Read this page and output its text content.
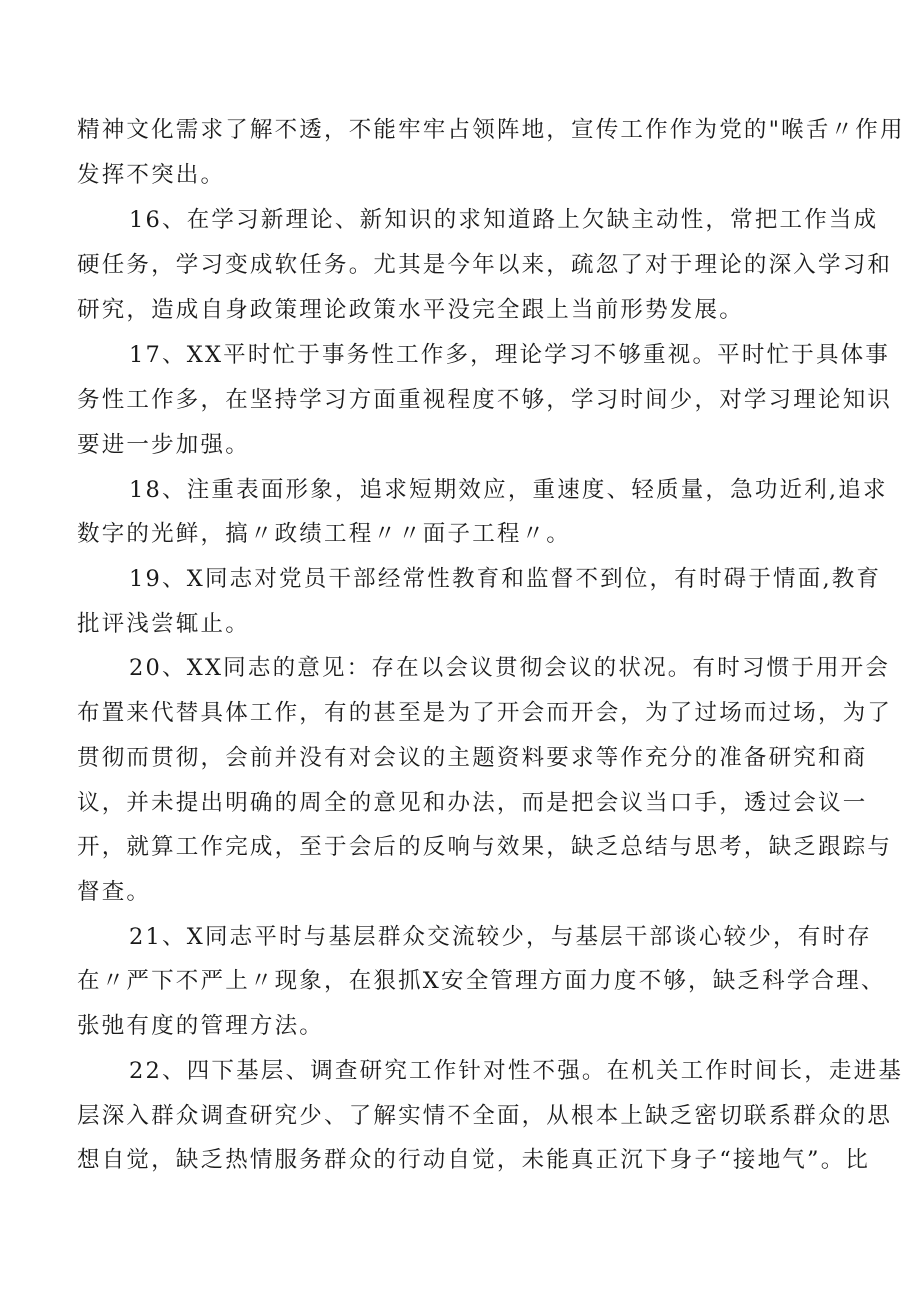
精神文化需求了解不透，不能牢牢占领阵地，宣传工作作为党的"喉舌〃作用
发挥不突出。
16、在学习新理论、新知识的求知道路上欠缺主动性，常把工作当成
硬任务，学习变成软任务。尤其是今年以来，疏忽了对于理论的深入学习和
研究，造成自身政策理论政策水平没完全跟上当前形势发展。
17、XX平时忙于事务性工作多，理论学习不够重视。平时忙于具体事
务性工作多，在坚持学习方面重视程度不够，学习时间少，对学习理论知识
要进一步加强。
18、注重表面形象，追求短期效应，重速度、轻质量，急功近利,追求
数字的光鲜，搞〃政绩工程〃〃面子工程〃。
19、X同志对党员干部经常性教育和监督不到位，有时碍于情面,教育
批评浅尝辄止。
20、XX同志的意见：存在以会议贯彻会议的状况。有时习惯于用开会
布置来代替具体工作，有的甚至是为了开会而开会，为了过场而过场，为了
贯彻而贯彻，会前并没有对会议的主题资料要求等作充分的准备研究和商
议，并未提出明确的周全的意见和办法，而是把会议当口手，透过会议一
开，就算工作完成，至于会后的反响与效果，缺乏总结与思考，缺乏跟踪与
督查。
21、X同志平时与基层群众交流较少，与基层干部谈心较少，有时存
在〃严下不严上〃现象，在狠抓X安全管理方面力度不够，缺乏科学合理、
张弛有度的管理方法。
22、四下基层、调查研究工作针对性不强。在机关工作时间长，走进基
层深入群众调查研究少、了解实情不全面，从根本上缺乏密切联系群众的思
想自觉，缺乏热情服务群众的行动自觉，未能真正沉下身子“接地气”。比
